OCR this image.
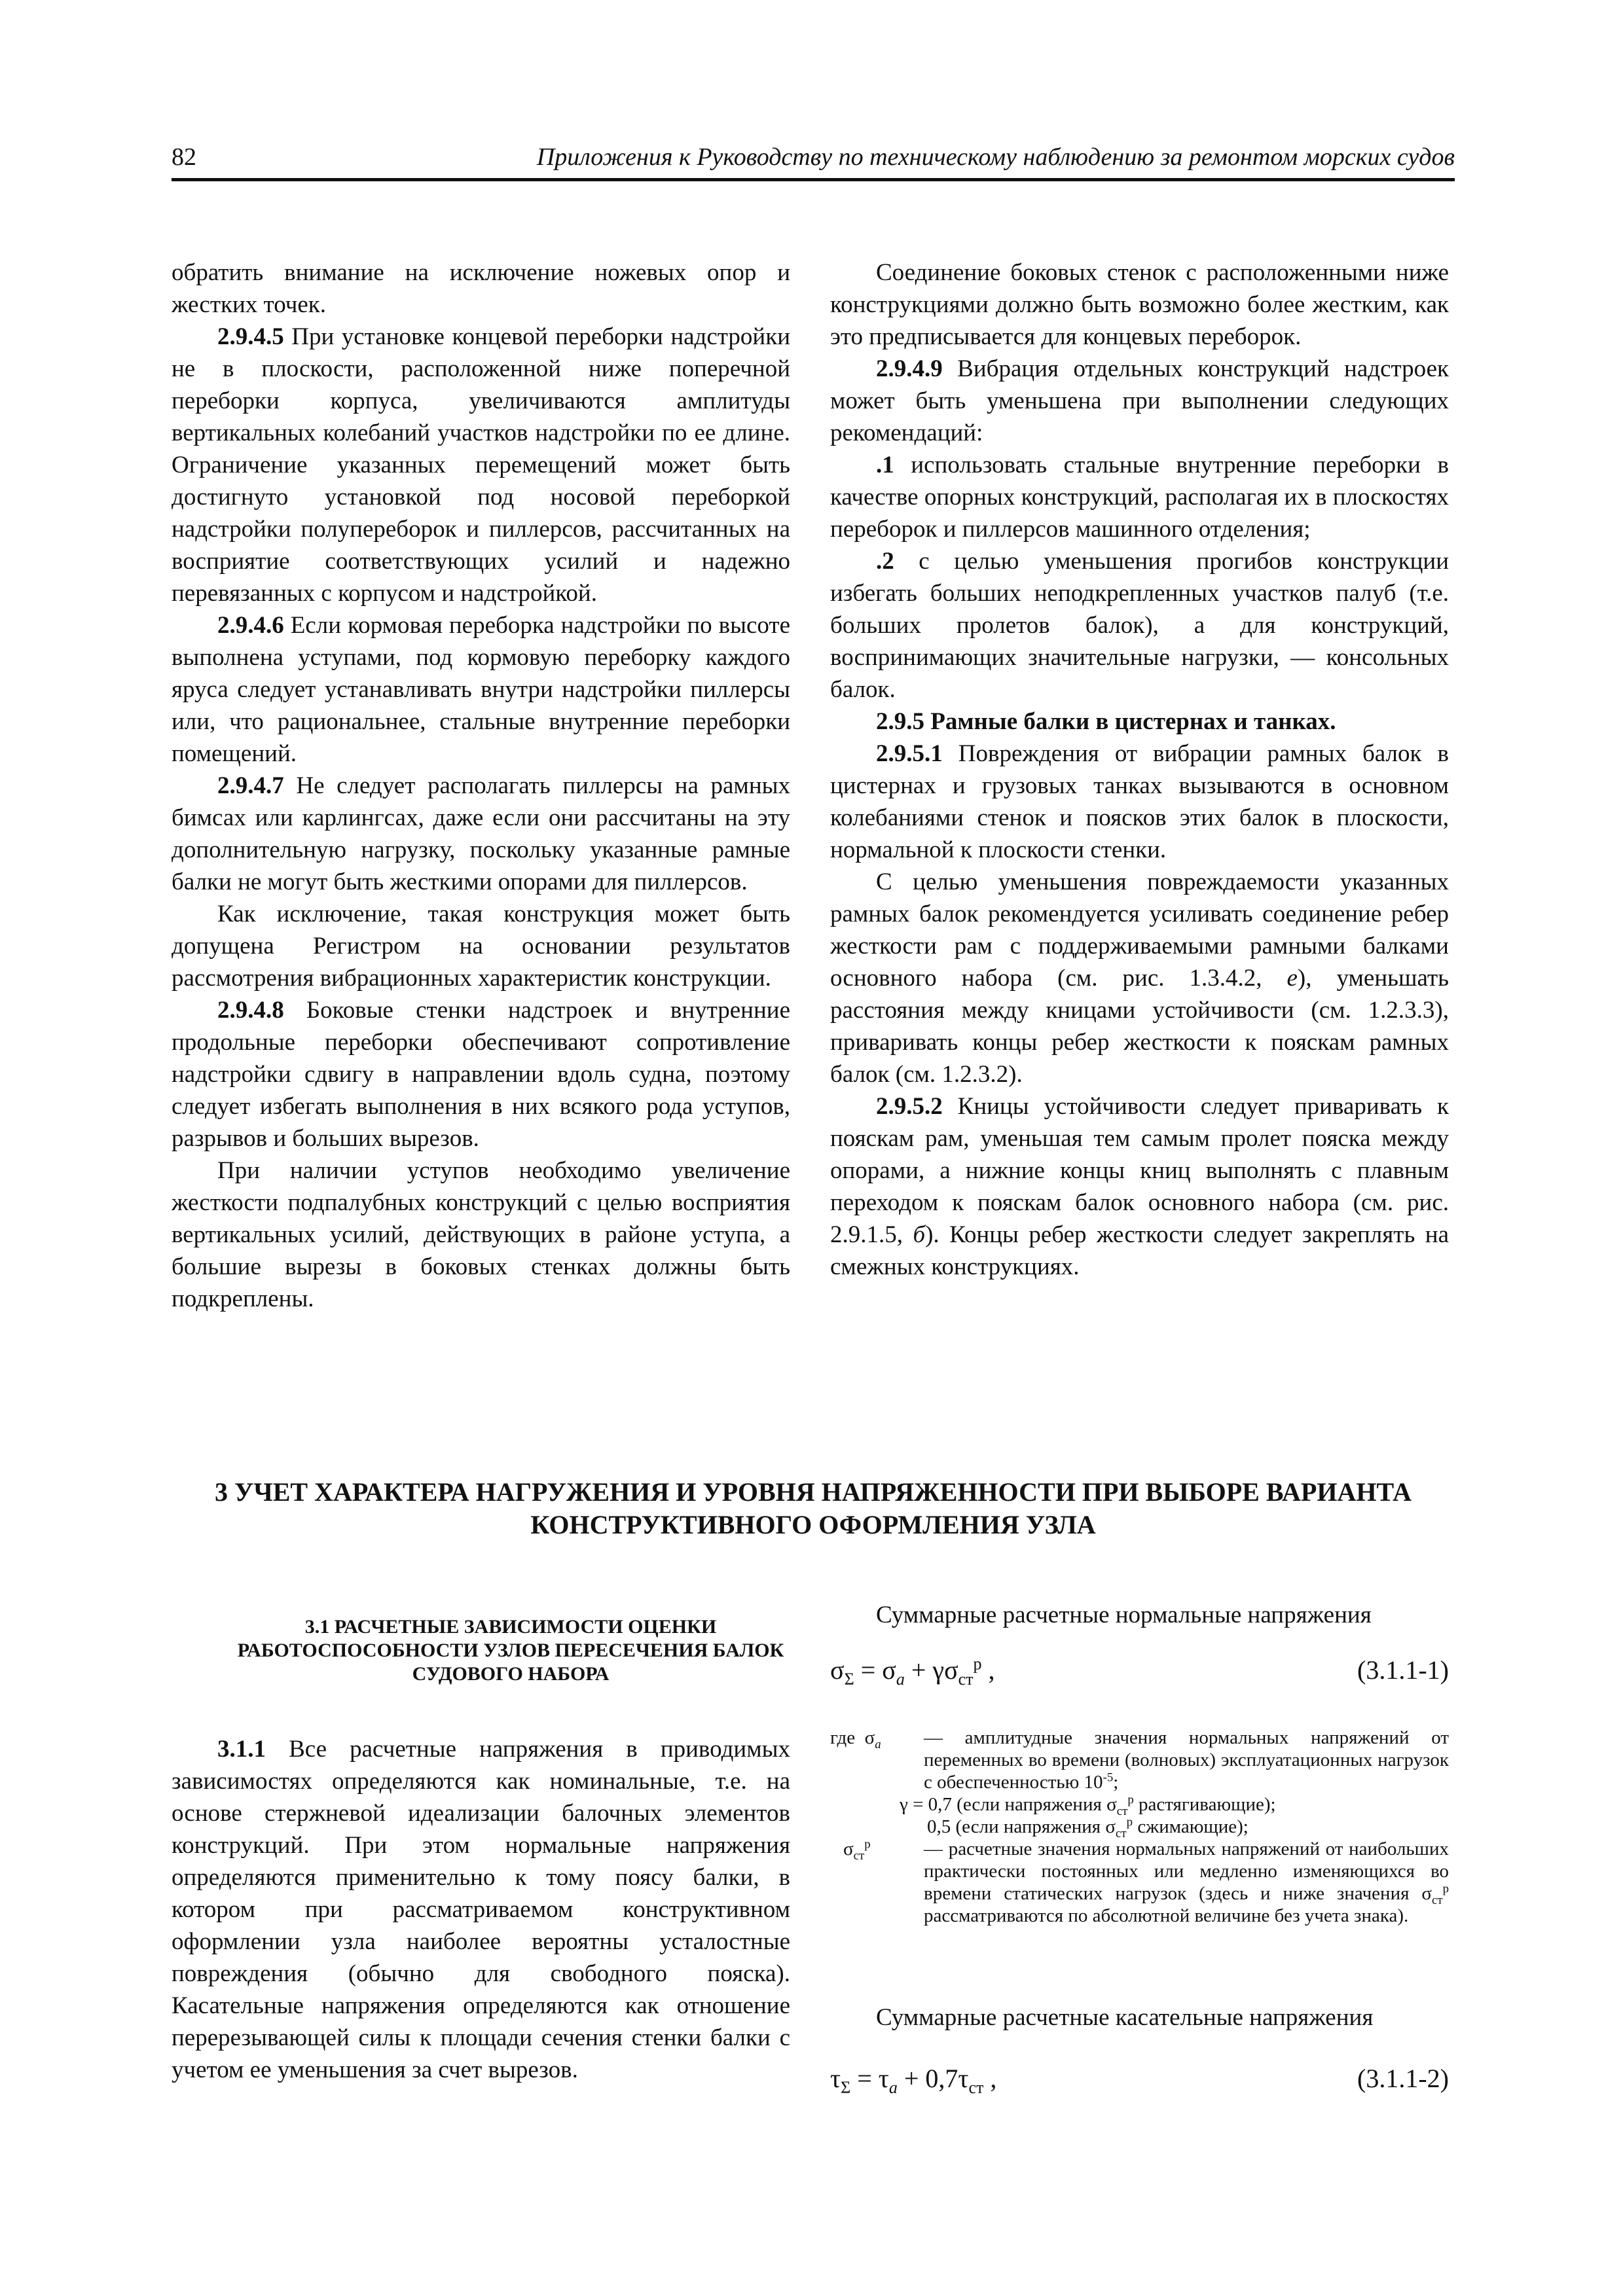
82	Приложения к Руководству по техническому наблюдению за ремонтом морских судов

обратить внимание на исключение ножевых опор и жестких точек.

2.9.4.5 При установке концевой переборки надстройки не в плоскости, расположенной ниже поперечной переборки корпуса, увеличиваются амплитуды вертикальных колебаний участков надстройки по ее длине. Ограничение указанных перемещений может быть достигнуто установкой под носовой переборкой надстройки полупереборок и пиллерсов, рассчитанных на восприятие соответствующих усилий и надежно перевязанных с корпусом и надстройкой.

2.9.4.6 Если кормовая переборка надстройки по высоте выполнена уступами, под кормовую переборку каждого яруса следует устанавливать внутри надстройки пиллерсы или, что рациональнее, стальные внутренние переборки помещений.

2.9.4.7 Не следует располагать пиллерсы на рамных бимсах или карлингсах, даже если они рассчитаны на эту дополнительную нагрузку, поскольку указанные рамные балки не могут быть жесткими опорами для пиллерсов.

Как исключение, такая конструкция может быть допущена Регистром на основании результатов рассмотрения вибрационных характеристик конструкции.

2.9.4.8 Боковые стенки надстроек и внутренние продольные переборки обеспечивают сопротивление надстройки сдвигу в направлении вдоль судна, поэтому следует избегать выполнения в них всякого рода уступов, разрывов и больших вырезов.

При наличии уступов необходимо увеличение жесткости подпалубных конструкций с целью восприятия вертикальных усилий, действующих в районе уступа, а большие вырезы в боковых стенках должны быть подкреплены.

Соединение боковых стенок с расположенными ниже конструкциями должно быть возможно более жестким, как это предписывается для концевых переборок.

2.9.4.9 Вибрация отдельных конструкций надстроек может быть уменьшена при выполнении следующих рекомендаций:

.1 использовать стальные внутренние переборки в качестве опорных конструкций, располагая их в плоскостях переборок и пиллерсов машинного отделения;

.2 с целью уменьшения прогибов конструкции избегать больших неподкрепленных участков палуб (т.е. больших пролетов балок), а для конструкций, воспринимающих значительные нагрузки, — консольных балок.

2.9.5 Рамные балки в цистернах и танках.

2.9.5.1 Повреждения от вибрации рамных балок в цистернах и грузовых танках вызываются в основном колебаниями стенок и поясков этих балок в плоскости, нормальной к плоскости стенки.

С целью уменьшения повреждаемости указанных рамных балок рекомендуется усиливать соединение ребер жесткости рам с поддерживаемыми рамными балками основного набора (см. рис. 1.3.4.2, е), уменьшать расстояния между кницами устойчивости (см. 1.2.3.3), приваривать концы ребер жесткости к пояскам рамных балок (см. 1.2.3.2).

2.9.5.2 Кницы устойчивости следует приваривать к пояскам рам, уменьшая тем самым пролет пояска между опорами, а нижние концы книц выполнять с плавным переходом к пояскам балок основного набора (см. рис. 2.9.1.5, б). Концы ребер жесткости следует закреплять на смежных конструкциях.

3 УЧЕТ ХАРАКТЕРА НАГРУЖЕНИЯ И УРОВНЯ НАПРЯЖЕННОСТИ ПРИ ВЫБОРЕ ВАРИАНТА
КОНСТРУКТИВНОГО ОФОРМЛЕНИЯ УЗЛА
3.1 РАСЧЕТНЫЕ ЗАВИСИМОСТИ ОЦЕНКИ
РАБОТОСПОСОБНОСТИ УЗЛОВ ПЕРЕСЕЧЕНИЯ БАЛОК
СУДОВОГО НАБОРА

3.1.1 Все расчетные напряжения в приводимых зависимостях определяются как номинальные, т.е. на основе стержневой идеализации балочных элементов конструкций. При этом нормальные напряжения определяются применительно к тому поясу балки, в котором при рассматриваемом конструктивном оформлении узла наиболее вероятны усталостные повреждения (обычно для свободного пояска). Касательные напряжения определяются как отношение перерезывающей силы к площади сечения стенки балки с учетом ее уменьшения за счет вырезов.

Суммарные расчетные нормальные напряжения

$\sigma_\Sigma = \sigma_a + \gamma\sigma_{ст}^р$ ,	(3.1.1-1)
где  $\sigma_a$ — амплитудные значения нормальных напряжений от переменных во времени (волновых) эксплуатационных нагрузок с обеспеченностью $10^{-5}$;
γ = 0,7 (если напряжения $\sigma_{ст}^р$ растягивающие);
0,5 (если напряжения $\sigma_{ст}^р$ сжимающие);
$\sigma_{ст}^р$	— расчетные значения нормальных напряжений от наибольших практически постоянных или медленно изменяющихся во времени статических нагрузок (здесь и ниже значения $\sigma_{ст}^р$ рассматриваются по абсолютной величине без учета знака).

Суммарные расчетные касательные напряжения

$\tau_\Sigma = \tau_a + 0,7\tau_{ст}$ ,	(3.1.1-2)
